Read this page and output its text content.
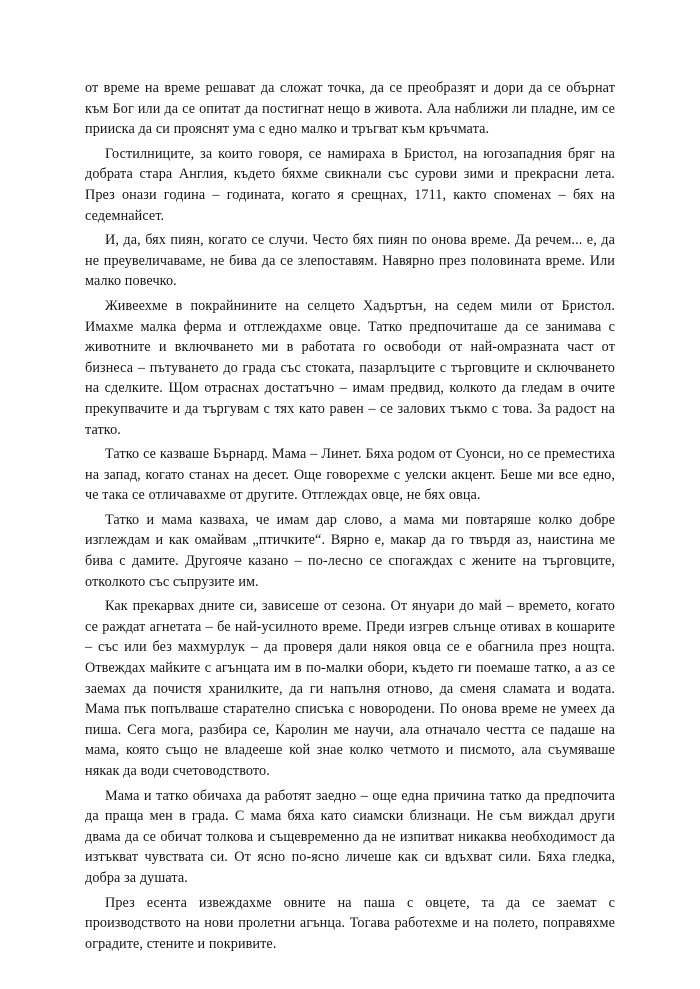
от време на време решават да сложат точка, да се преобразят и дори да се обърнат към Бог или да се опитат да постигнат нещо в живота. Ала наближи ли пладне, им се прииска да си прояснят ума с едно малко и тръгват към кръчмата.

Гостилниците, за които говоря, се намираха в Бристол, на югозападния бряг на добрата стара Англия, където бяхме свикнали със сурови зими и прекрасни лета. През онази година – годината, когато я срещнах, 1711, както споменах – бях на седемнайсет.

И, да, бях пиян, когато се случи. Често бях пиян по онова време. Да речем... е, да не преувеличаваме, не бива да се злепоставям. Навярно през половината време. Или малко повечко.

Живеехме в покрайнините на селцето Хадъртън, на седем мили от Бристол. Имахме малка ферма и отглеждахме овце. Татко предпочиташе да се занимава с животните и включването ми в работата го освободи от най-омразната част от бизнеса – пътуването до града със стоката, пазарлъците с търговците и сключването на сделките. Щом отраснах достатъчно – имам предвид, колкото да гледам в очите прекупвачите и да търгувам с тях като равен – се залових тъкмо с това. За радост на татко.

Татко се казваше Бърнард. Мама – Линет. Бяха родом от Суонси, но се преместиха на запад, когато станах на десет. Още говорехме с уелски акцент. Беше ми все едно, че така се отличавахме от другите. Отглеждах овце, не бях овца.

Татко и мама казваха, че имам дар слово, а мама ми повтаряше колко добре изглеждам и как омайвам „птичките“. Вярно е, макар да го твърдя аз, наистина ме бива с дамите. Другояче казано – по-лесно се спогаждах с жените на търговците, отколкото със съпрузите им.

Как прекарвах дните си, зависеше от сезона. От януари до май – времето, когато се раждат агнетата – бе най-усилното време. Преди изгрев слънце отивах в кошарите – със или без махмурлук – да проверя дали някоя овца се е обагнила през нощта. Отвеждах майките с агънцата им в по-малки обори, където ги поемаше татко, а аз се заемах да почистя хранилките, да ги напълня отново, да сменя сламата и водата. Мама пък попълваше старателно списъка с новородени. По онова време не умеех да пиша. Сега мога, разбира се, Каролин ме научи, ала отначало честта се падаше на мама, която също не владееше кой знае колко четмото и писмото, ала съумяваше някак да води счетоводството.

Мама и татко обичаха да работят заедно – още една причина татко да предпочита да праща мен в града. С мама бяха като сиамски близнаци. Не съм виждал други двама да се обичат толкова и същевременно да не изпитват никаква необходимост да изтъкват чувствата си. От ясно по-ясно личеше как си вдъхват сили. Бяха гледка, добра за душата.

През есента извеждахме овните на паша с овцете, та да се заемат с производството на нови пролетни агънца. Тогава работехме и на полето, поправяхме оградите, стените и покривите.
